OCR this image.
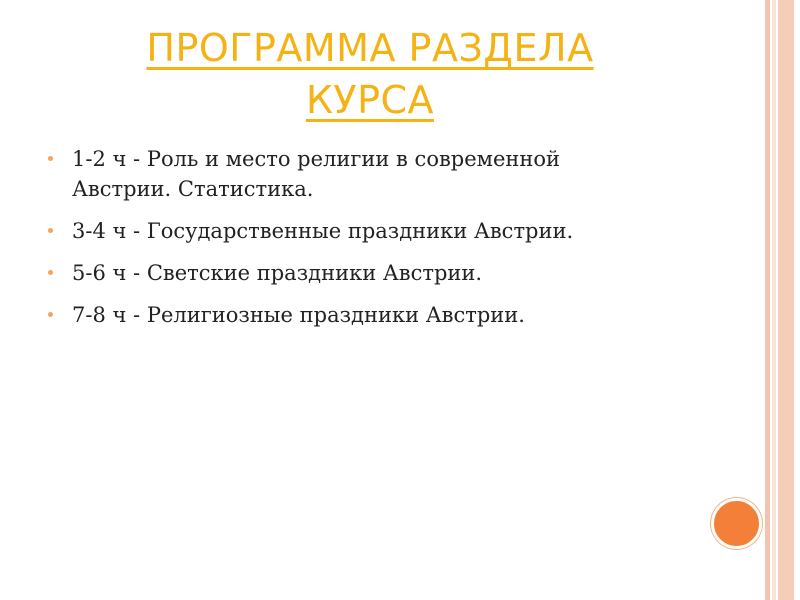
ПРОГРАММА РАЗДЕЛА
КУРСА
1-2 ч - Роль и место религии в современной
Австрии. Статистика.
3-4 ч - Государственные праздники Австрии.
5-6 ч - Светские праздники Австрии.
7-8 ч - Религиозные праздники Австрии.
